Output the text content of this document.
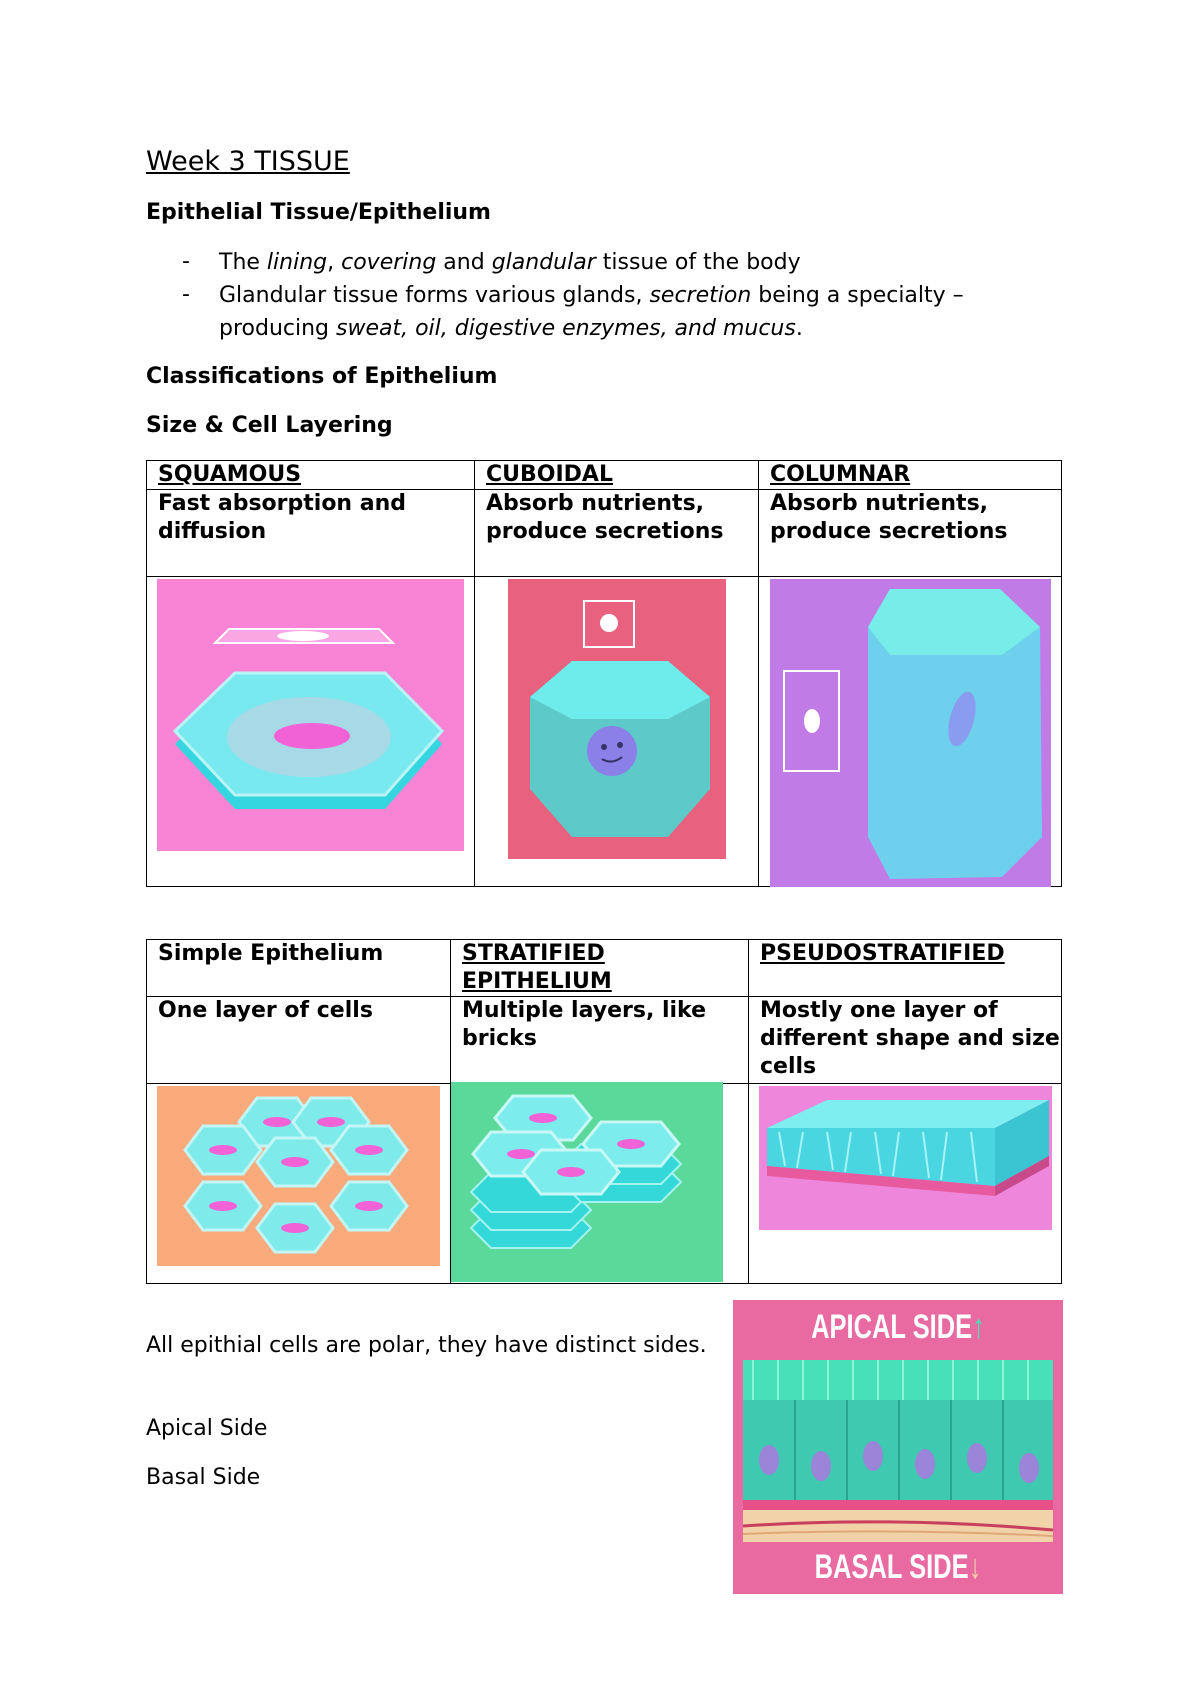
Week 3 TISSUE
Epithelial Tissue/Epithelium
- The lining, covering and glandular tissue of the body
- Glandular tissue forms various glands, secretion being a specialty – producing sweat, oil, digestive enzymes, and mucus.
Classifications of Epithelium
Size & Cell Layering
SQUAMOUS	CUBOIDAL	COLUMNAR
Fast absorption and diffusion	Absorb nutrients, produce secretions	Absorb nutrients, produce secretions

Simple Epithelium	STRATIFIED EPITHELIUM	PSEUDOSTRATIFIED
One layer of cells	Multiple layers, like bricks	Mostly one layer of different shape and size cells

All epithial cells are polar, they have distinct sides.
Apical Side
Basal Side
APICAL SIDE↑
BASAL SIDE↓
